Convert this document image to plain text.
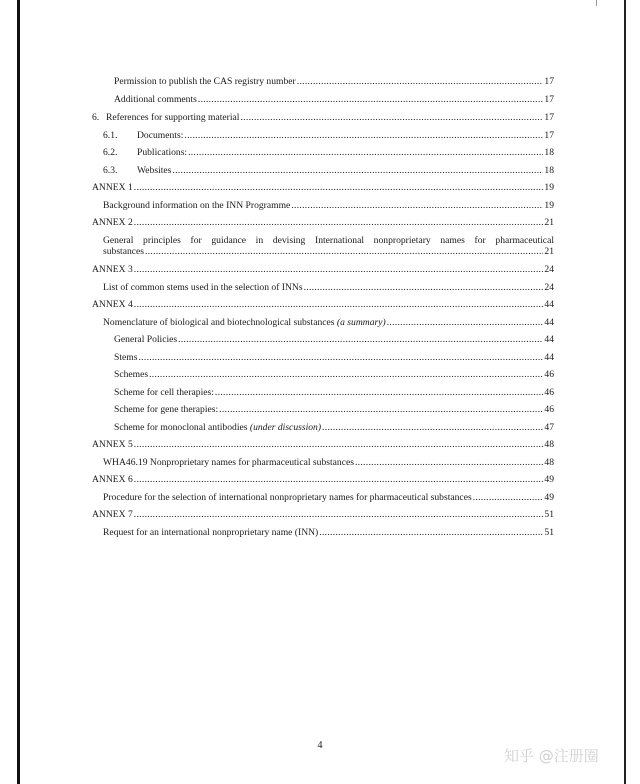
Permission to publish the CAS registry number .....	17
Additional comments .....	17
6. References for supporting material .....	17
6.1.	Documents: .....	17
6.2.	Publications: .....	18
6.3.	Websites .....	18
ANNEX 1 .....	19
Background information on the INN Programme .....	19
ANNEX 2 .....	21
General principles for guidance in devising International nonproprietary names for pharmaceutical
substances .....	21
ANNEX 3 .....	24
List of common stems used in the selection of INNs .....	24
ANNEX 4 .....	44
Nomenclature of biological and biotechnological substances (a summary) .....	44
General Policies .....	44
Stems .....	44
Schemes .....	46
Scheme for cell therapies: .....	46
Scheme for gene therapies: .....	46
Scheme for monoclonal antibodies (under discussion) .....	47
ANNEX 5 .....	48
WHA46.19 Nonproprietary names for pharmaceutical substances .....	48
ANNEX 6 .....	49
Procedure for the selection of international nonproprietary names for pharmaceutical substances .....	49
ANNEX 7 .....	51
Request for an international nonproprietary name (INN) .....	51
4
知乎 @注册圈
